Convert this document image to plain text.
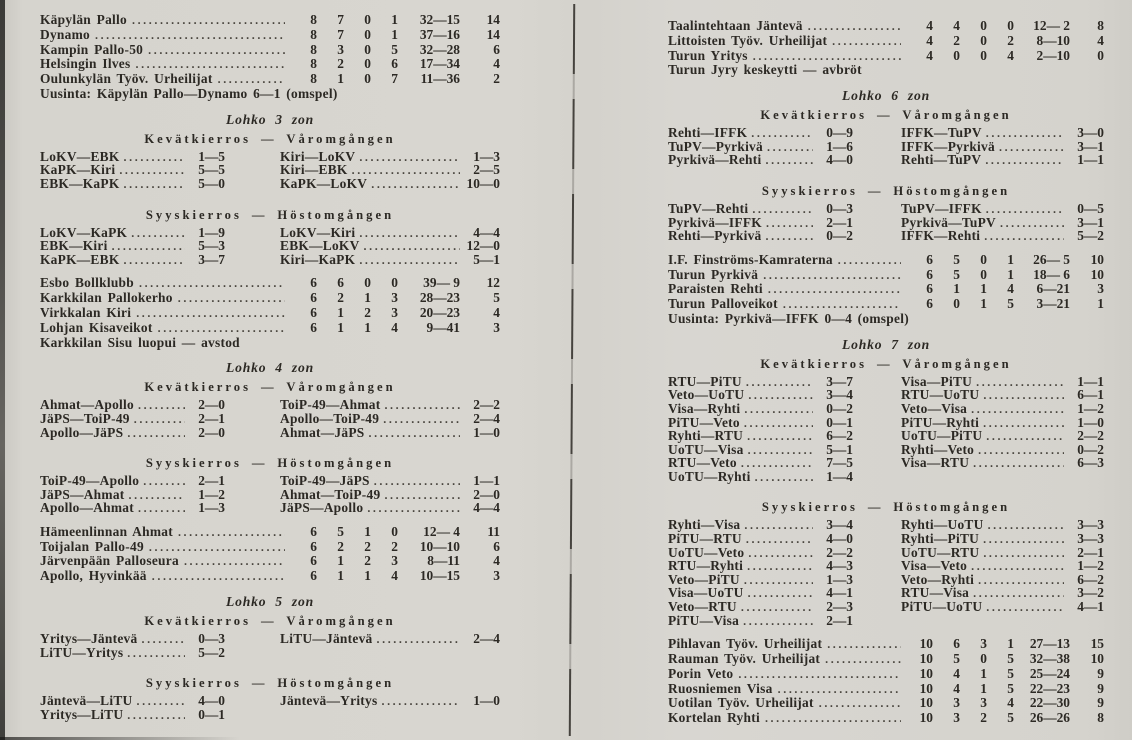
Käpylän Pallo .....	8	7	0	1	32—15	14
Dynamo .....	8	7	0	1	37—16	14
Kampin Pallo-50 .....	8	3	0	5	32—28	6
Helsingin Ilves .....	8	2	0	6	17—34	4
Oulunkylän Työv. Urheilijat .....	8	1	0	7	11—36	2
Uusinta: Käpylän Pallo—Dynamo 6—1 (omspel)
Lohko 3 zon
Kevätkierros — Våromgången
LoKV—EBK .....	1—5	Kiri—LoKV .....	1—3
KaPK—Kiri .....	5—5	Kiri—EBK .....	2—5
EBK—KaPK .....	5—0	KaPK—LoKV .....	10—0
Syyskierros — Höstomgången
LoKV—KaPK .....	1—9	LoKV—Kiri .....	4—4
EBK—Kiri .....	5—3	EBK—LoKV .....	12—0
KaPK—EBK .....	3—7	Kiri—KaPK .....	5—1
Esbo Bollklubb .....	6	6	0	0	39— 9	12
Karkkilan Pallokerho .....	6	2	1	3	28—23	5
Virkkalan Kiri .....	6	1	2	3	20—23	4
Lohjan Kisaveikot .....	6	1	1	4	9—41	3
Karkkilan Sisu luopui — avstod
Lohko 4 zon
Kevätkierros — Våromgången
Ahmat—Apollo .....	2—0	ToiP-49—Ahmat .....	2—2
JäPS—ToiP-49 .....	2—1	Apollo—ToiP-49 .....	2—4
Apollo—JäPS .....	2—0	Ahmat—JäPS .....	1—0
Syyskierros — Höstomgången
ToiP-49—Apollo .....	2—1	ToiP-49—JäPS .....	1—1
JäPS—Ahmat .....	1—2	Ahmat—ToiP-49 .....	2—0
Apollo—Ahmat .....	1—3	JäPS—Apollo .....	4—4
Hämeenlinnan Ahmat .....	6	5	1	0	12— 4	11
Toijalan Pallo-49 .....	6	2	2	2	10—10	6
Järvenpään Palloseura .....	6	1	2	3	8—11	4
Apollo, Hyvinkää .....	6	1	1	4	10—15	3
Lohko 5 zon
Kevätkierros — Våromgången
Yritys—Jäntevä .....	0—3	LiTU—Jäntevä .....	2—4
LiTU—Yritys .....	5—2
Syyskierros — Höstomgången
Jäntevä—LiTU .....	4—0	Jäntevä—Yritys .....	1—0
Yritys—LiTU .....	0—1
Taalintehtaan Jäntevä .....	4	4	0	0	12— 2	8
Littoisten Työv. Urheilijat .....	4	2	0	2	8—10	4
Turun Yritys .....	4	0	0	4	2—10	0
Turun Jyry keskeytti — avbröt
Lohko 6 zon
Kevätkierros — Våromgången
Rehti—IFFK .....	0—9	IFFK—TuPV .....	3—0
TuPV—Pyrkivä .....	1—6	IFFK—Pyrkivä .....	3—1
Pyrkivä—Rehti .....	4—0	Rehti—TuPV .....	1—1
Syyskierros — Höstomgången
TuPV—Rehti .....	0—3	TuPV—IFFK .....	0—5
Pyrkivä—IFFK .....	2—1	Pyrkivä—TuPV .....	3—1
Rehti—Pyrkivä .....	0—2	IFFK—Rehti .....	5—2
I.F. Finströms-Kamraterna .....	6	5	0	1	26— 5	10
Turun Pyrkivä .....	6	5	0	1	18— 6	10
Paraisten Rehti .....	6	1	1	4	6—21	3
Turun Palloveikot .....	6	0	1	5	3—21	1
Uusinta: Pyrkivä—IFFK 0—4 (omspel)
Lohko 7 zon
Kevätkierros — Våromgången
RTU—PiTU .....	3—7	Visa—PiTU .....	1—1
Veto—UoTU .....	3—4	RTU—UoTU .....	6—1
Visa—Ryhti .....	0—2	Veto—Visa .....	1—2
PiTU—Veto .....	0—1	PiTU—Ryhti .....	1—0
Ryhti—RTU .....	6—2	UoTU—PiTU .....	2—2
UoTU—Visa .....	5—1	Ryhti—Veto .....	0—2
RTU—Veto .....	7—5	Visa—RTU .....	6—3
UoTU—Ryhti .....	1—4
Syyskierros — Höstomgången
Ryhti—Visa .....	3—4	Ryhti—UoTU .....	3—3
PiTU—RTU .....	4—0	Ryhti—PiTU .....	3—3
UoTU—Veto .....	2—2	UoTU—RTU .....	2—1
RTU—Ryhti .....	4—3	Visa—Veto .....	1—2
Veto—PiTU .....	1—3	Veto—Ryhti .....	6—2
Visa—UoTU .....	4—1	RTU—Visa .....	3—2
Veto—RTU .....	2—3	PiTU—UoTU .....	4—1
PiTU—Visa .....	2—1
Pihlavan Työv. Urheilijat .....	10	6	3	1	27—13	15
Rauman Työv. Urheilijat .....	10	5	0	5	32—38	10
Porin Veto .....	10	4	1	5	25—24	9
Ruosniemen Visa .....	10	4	1	5	22—23	9
Uotilan Työv. Urheilijat .....	10	3	3	4	22—30	9
Kortelan Ryhti .....	10	3	2	5	26—26	8
